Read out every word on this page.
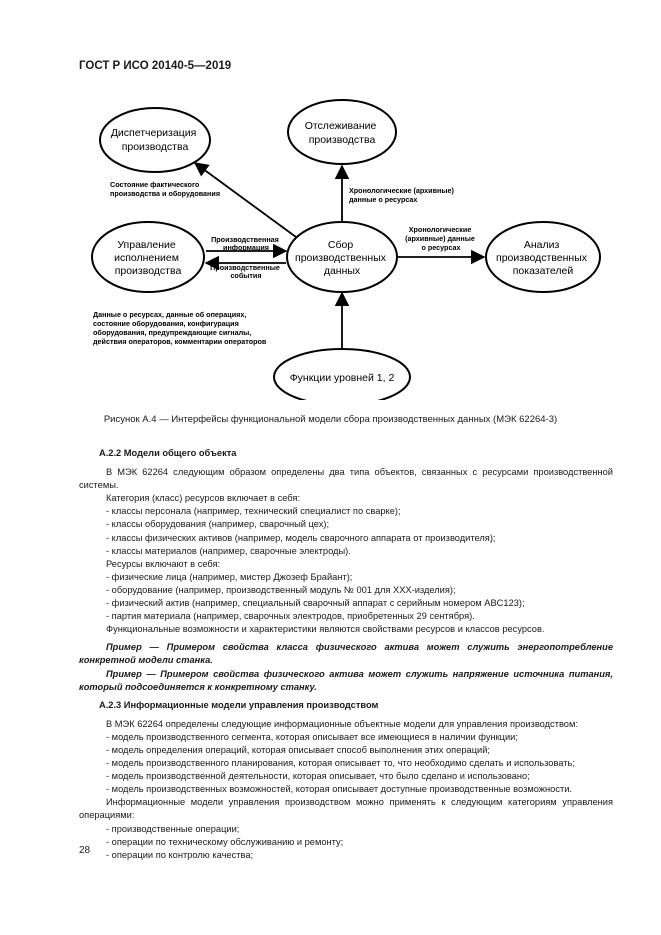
ГОСТ Р ИСО 20140-5—2019
Диспетчеризация производства
Отслеживание производства
Управление исполнением производства
Сбор производственных данных
Анализ производственных показателей
Функции уровней 1, 2
Состояние фактического производства и оборудования	Хронологические (архивные) данные о ресурсах
Производственная информация
Производственные события
Хронологические (архивные) данные о ресурсах
Данные о ресурсах, данные об операциях, состояние оборудования, конфигурация оборудования, предупреждающие сигналы, действия операторов, комментарии операторов
Рисунок А.4 — Интерфейсы функциональной модели сбора производственных данных (МЭК 62264-3)

А.2.2 Модели общего объекта

В МЭК 62264 следующим образом определены два типа объектов, связанных с ресурсами производственной системы.

Категория (класс) ресурсов включает в себя:

- классы персонала (например, технический специалист по сварке);

- классы оборудования (например, сварочный цех);

- классы физических активов (например, модель сварочного аппарата от производителя);

- классы материалов (например, сварочные электроды).

Ресурсы включают в себя:

- физические лица (например, мистер Джозеф Брайант);

- оборудование (например, производственный модуль № 001 для XXX-изделия);

- физический актив (например, специальный сварочный аппарат с серийным номером ABC123);

- партия материала (например, сварочных электродов, приобретенных 29 сентября).

Функциональные возможности и характеристики являются свойствами ресурсов и классов ресурсов.

Пример — Примером свойства класса физического актива может служить энергопотребление конкретной модели станка.

Пример — Примером свойства физического актива может служить напряжение источника питания, который подсоединяется к конкретному станку.

А.2.3 Информационные модели управления производством

В МЭК 62264 определены следующие информационные объектные модели для управления производством:

- модель производственного сегмента, которая описывает все имеющиеся в наличии функции;

- модель определения операций, которая описывает способ выполнения этих операций;

- модель производственного планирования, которая описывает то, что необходимо сделать и использовать;

- модель производственной деятельности, которая описывает, что было сделано и использовано;

- модель производственных возможностей, которая описывает доступные производственные возможности.

Информационные модели управления производством можно применять к следующим категориям управления операциями:

- производственные операции;

- операции по техническому обслуживанию и ремонту;

- операции по контролю качества;

28
